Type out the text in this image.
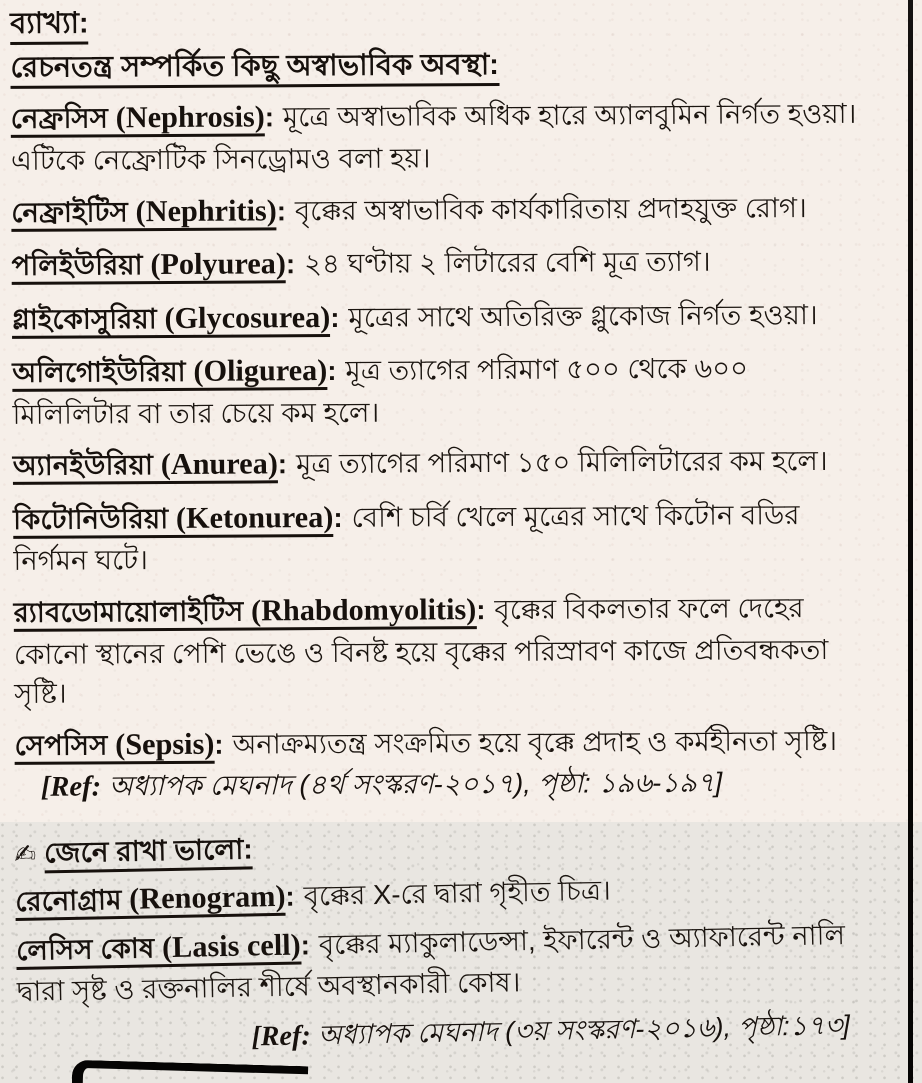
ব্যাখ্যা:

রেচনতন্ত্র সম্পর্কিত কিছু অস্বাভাবিক অবস্থা:

নেফ্রসিস (Nephrosis): মূত্রে অস্বাভাবিক অধিক হারে অ্যালবুমিন নির্গত হওয়া। এটিকে নেফ্রোটিক সিনড্রোমও বলা হয়।

নেফ্রাইটিস (Nephritis): বৃক্কের অস্বাভাবিক কার্যকারিতায় প্রদাহযুক্ত রোগ।

পলিইউরিয়া (Polyurea): ২৪ ঘণ্টায় ২ লিটারের বেশি মূত্র ত্যাগ।

গ্লাইকোসুরিয়া (Glycosurea): মূত্রের সাথে অতিরিক্ত গ্লুকোজ নির্গত হওয়া।

অলিগোইউরিয়া (Oligurea): মূত্র ত্যাগের পরিমাণ ৫০০ থেকে ৬০০ মিলিলিটার বা তার চেয়ে কম হলে।

অ্যানইউরিয়া (Anurea): মূত্র ত্যাগের পরিমাণ ১৫০ মিলিলিটারের কম হলে।

কিটোনিউরিয়া (Ketonurea): বেশি চর্বি খেলে মূত্রের সাথে কিটোন বডির নির্গমন ঘটে।

র‍্যাবডোমায়োলাইটিস (Rhabdomyolitis): বৃক্কের বিকলতার ফলে দেহের কোনো স্থানের পেশি ভেঙে ও বিনষ্ট হয়ে বৃক্কের পরিস্রাবণ কাজে প্রতিবন্ধকতা সৃষ্টি।

সেপসিস (Sepsis): অনাক্রম্যতন্ত্র সংক্রমিত হয়ে বৃক্কে প্রদাহ ও কর্মহীনতা সৃষ্টি। [Ref: অধ্যাপক মেঘনাদ (৪র্থ সংস্করণ-২০১৭), পৃষ্ঠা: ১৯৬-১৯৭]

✍ জেনে রাখা ভালো:

রেনোগ্রাম (Renogram): বৃক্কের X-রে দ্বারা গৃহীত চিত্র।

লেসিস কোষ (Lasis cell): বৃক্কের ম্যাকুলাডেন্সা, ইফারেন্ট ও অ্যাফারেন্ট নালি দ্বারা সৃষ্ট ও রক্তনালির শীর্ষে অবস্থানকারী কোষ।

[Ref: অধ্যাপক মেঘনাদ (৩য় সংস্করণ-২০১৬), পৃষ্ঠা:১৭৩]
